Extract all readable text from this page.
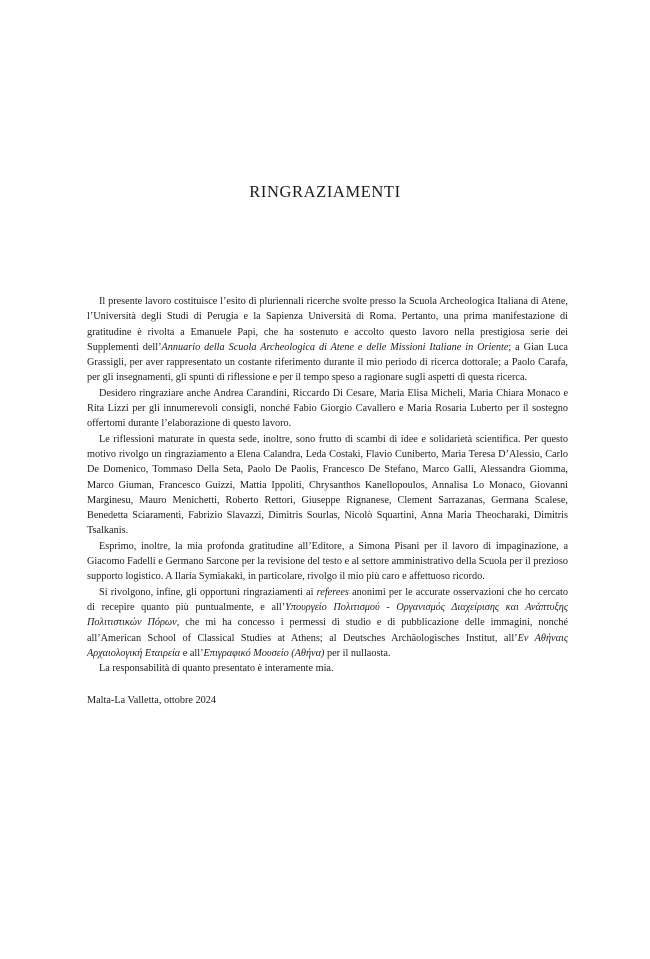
RINGRAZIAMENTI

Il presente lavoro costituisce l’esito di pluriennali ricerche svolte presso la Scuola Archeologica Italiana di Atene, l’Università degli Studi di Perugia e la Sapienza Università di Roma. Pertanto, una prima manifestazione di gratitudine è rivolta a Emanuele Papi, che ha sostenuto e accolto questo lavoro nella prestigiosa serie dei Supplementi dell’Annuario della Scuola Archeologica di Atene e delle Missioni Italiane in Oriente; a Gian Luca Grassigli, per aver rappresentato un costante riferimento durante il mio periodo di ricerca dottorale; a Paolo Carafa, per gli insegnamenti, gli spunti di riflessione e per il tempo speso a ragionare sugli aspetti di questa ricerca.

Desidero ringraziare anche Andrea Carandini, Riccardo Di Cesare, Maria Elisa Micheli, Maria Chiara Monaco e Rita Lizzi per gli innumerevoli consigli, nonché Fabio Giorgio Cavallero e Maria Rosaria Luberto per il sostegno offertomi durante l’elaborazione di questo lavoro.

Le riflessioni maturate in questa sede, inoltre, sono frutto di scambi di idee e solidarietà scientifica. Per questo motivo rivolgo un ringraziamento a Elena Calandra, Leda Costaki, Flavio Cuniberto, Maria Teresa D’Alessio, Carlo De Domenico, Tommaso Della Seta, Paolo De Paolis, Francesco De Stefano, Marco Galli, Alessandra Giomma, Marco Giuman, Francesco Guizzi, Mattia Ippoliti, Chrysanthos Kanellopoulos, Annalisa Lo Monaco, Giovanni Marginesu, Mauro Menichetti, Roberto Rettori, Giuseppe Rignanese, Clement Sarrazanas, Germana Scalese, Benedetta Sciaramenti, Fabrizio Slavazzi, Dimitris Sourlas, Nicolò Squartini, Anna Maria Theocharaki, Dimitris Tsalkanis.

Esprimo, inoltre, la mia profonda gratitudine all’Editore, a Simona Pisani per il lavoro di impaginazione, a Giacomo Fadelli e Germano Sarcone per la revisione del testo e al settore amministrativo della Scuola per il prezioso supporto logistico. A Ilaria Symiakaki, in particolare, rivolgo il mio più caro e affettuoso ricordo.

Si rivolgono, infine, gli opportuni ringraziamenti ai referees anonimi per le accurate osservazioni che ho cercato di recepire quanto più puntualmente, e all’Υπουργείο Πολιτισμού - Οργανισμός Διαχείρισης και Ανάπτυξης Πολιτιστικών Πόρων, che mi ha concesso i permessi di studio e di pubblicazione delle immagini, nonché all’American School of Classical Studies at Athens; al Deutsches Archäologisches Institut, all’Εν Αθήναις Αρχαιολογική Εταιρεία e all’Επιγραφικό Μουσείο (Αθήνα) per il nullaosta.

La responsabilità di quanto presentato è interamente mia.

Malta-La Valletta, ottobre 2024
